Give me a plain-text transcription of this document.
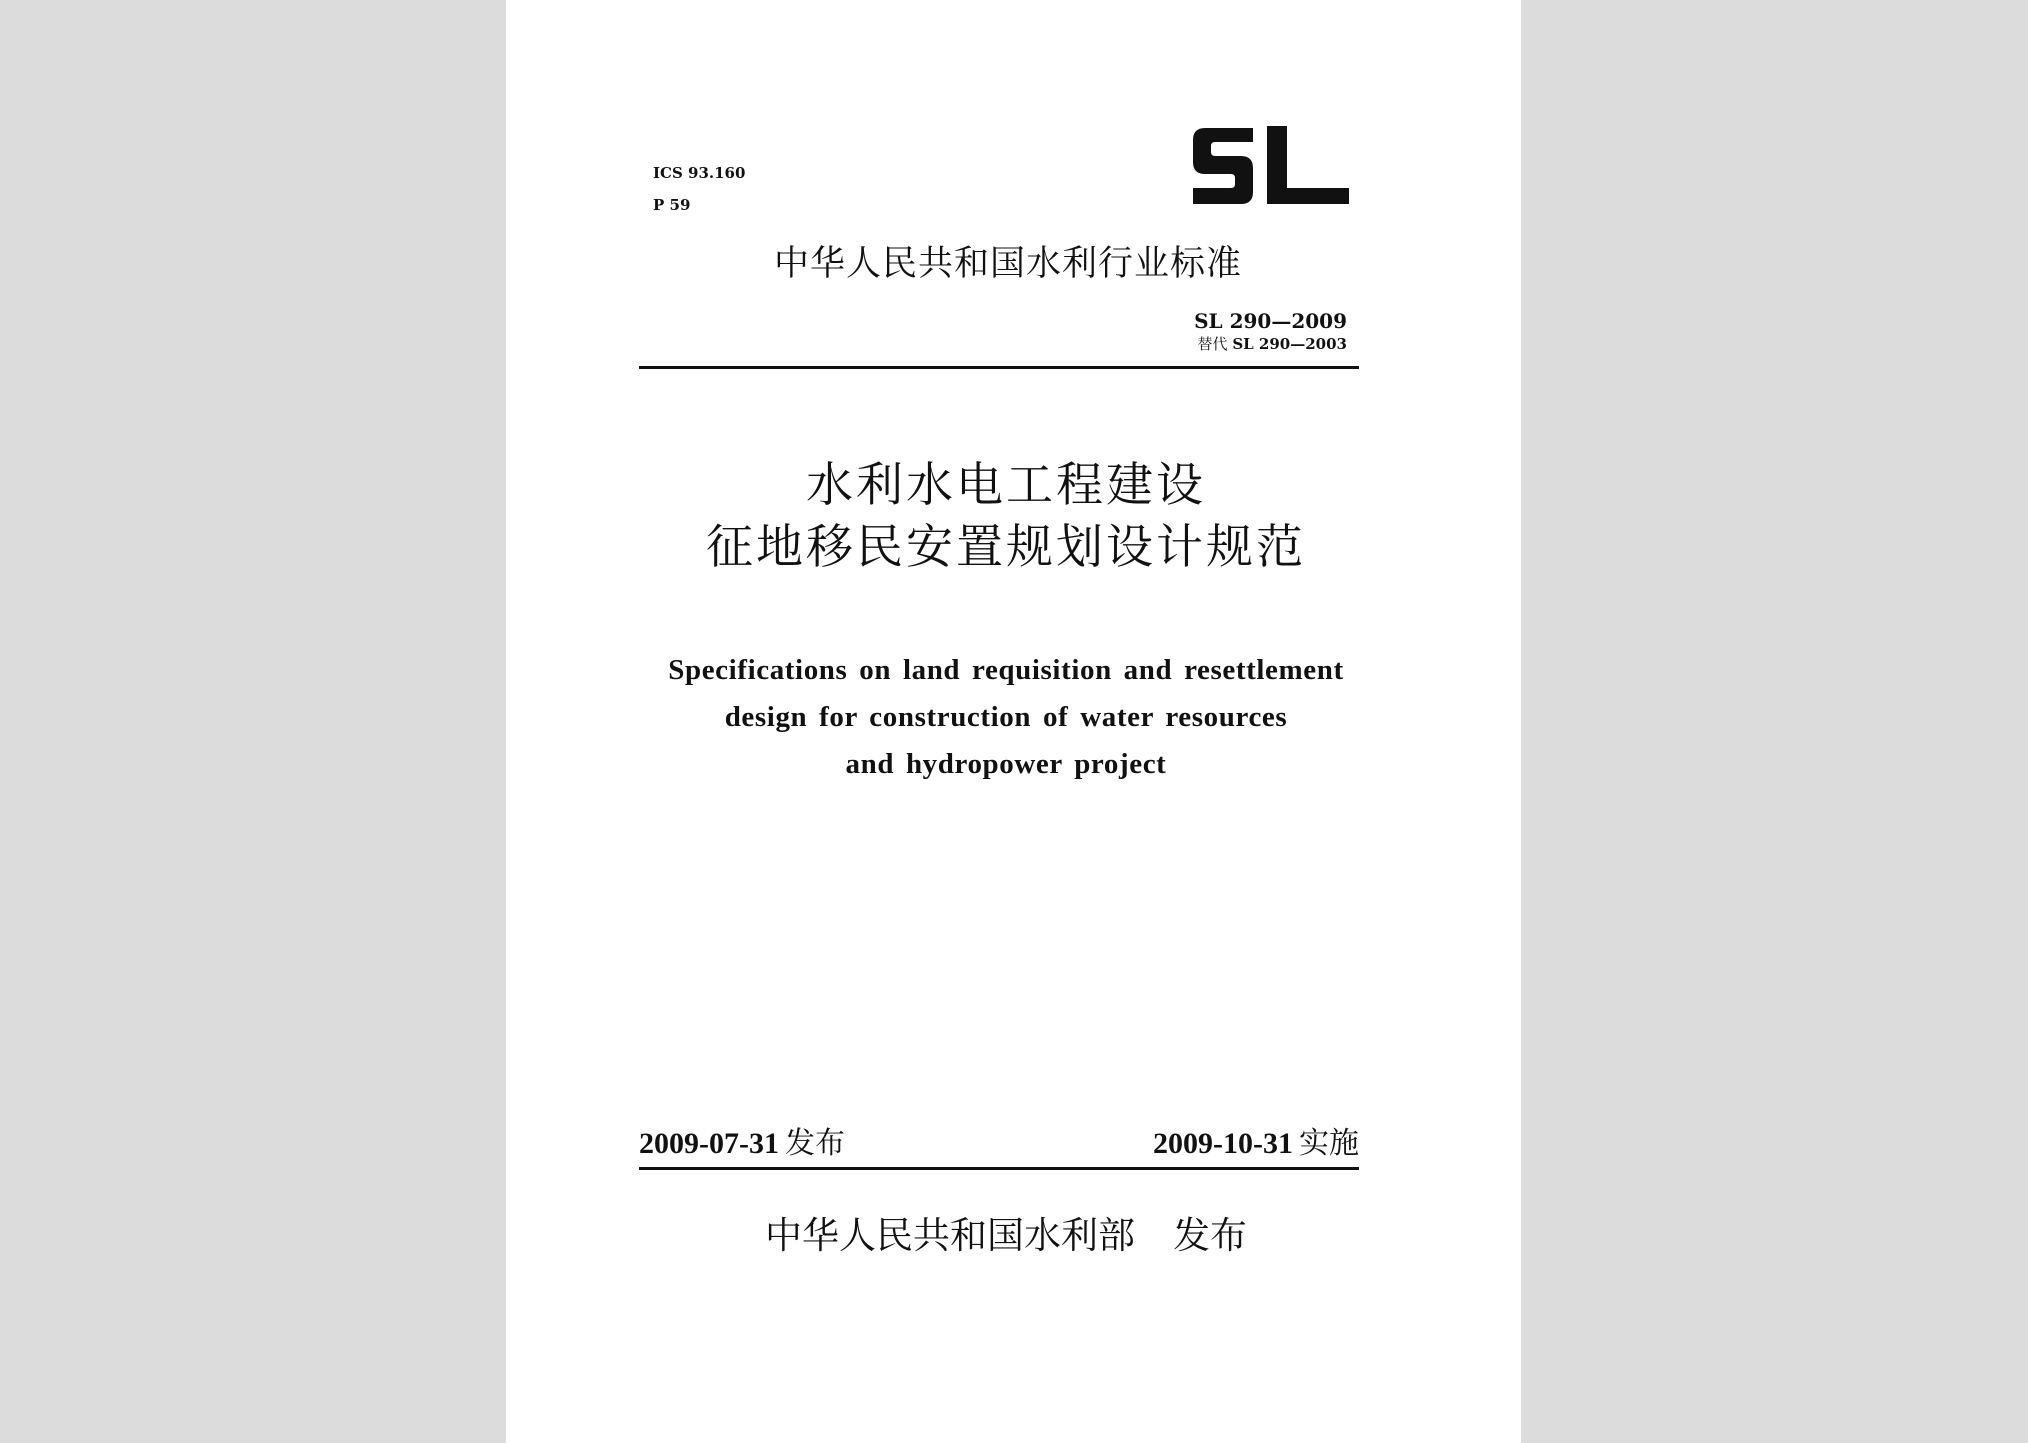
ICS 93.160
P 59
中华人民共和国水利行业标准
SL 290—2009
替代 SL 290—2003
水利水电工程建设
征地移民安置规划设计规范
Specifications on land requisition and resettlement
design for construction of water resources
and hydropower project
2009-07-31 发布	2009-10-31 实施
中华人民共和国水利部 发布
